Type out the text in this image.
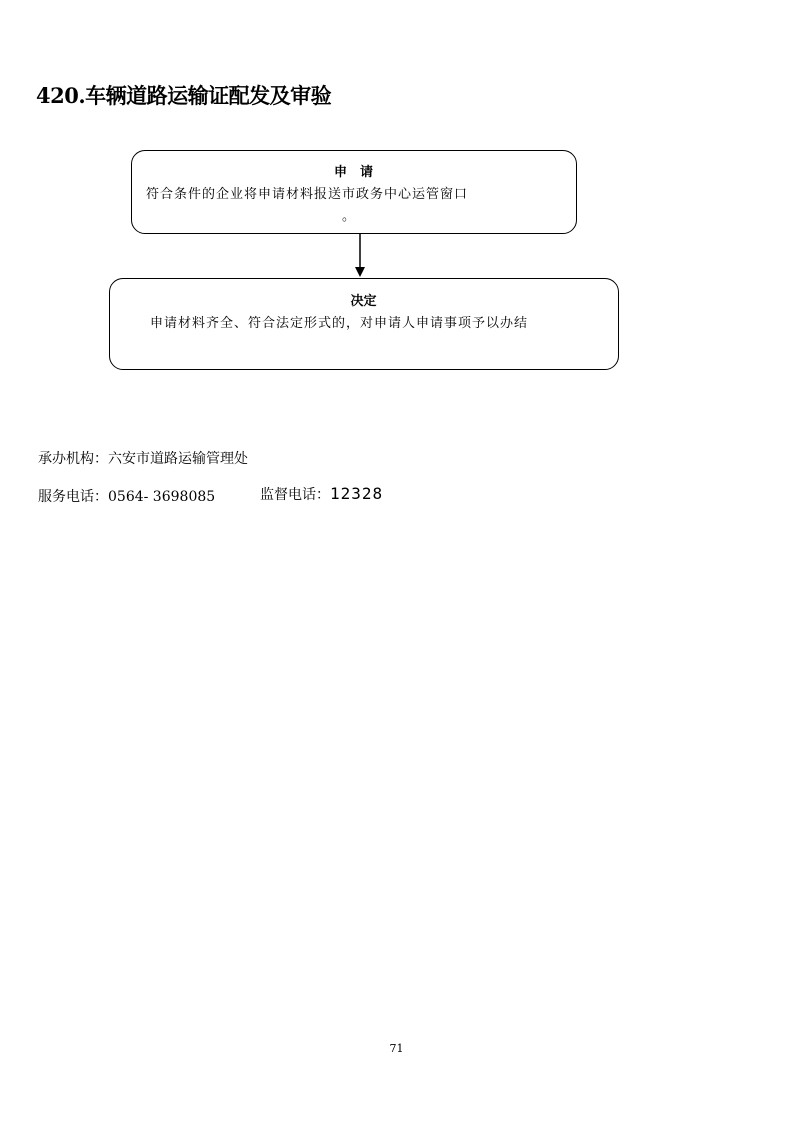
420.车辆道路运输证配发及审验
申　请
符合条件的企业将申请材料报送市政务中心运管窗口
。
决定
申请材料齐全、符合法定形式的，对申请人申请事项予以办结
承办机构：六安市道路运输管理处
服务电话：0564- 3698085	监督电话：12328
71
